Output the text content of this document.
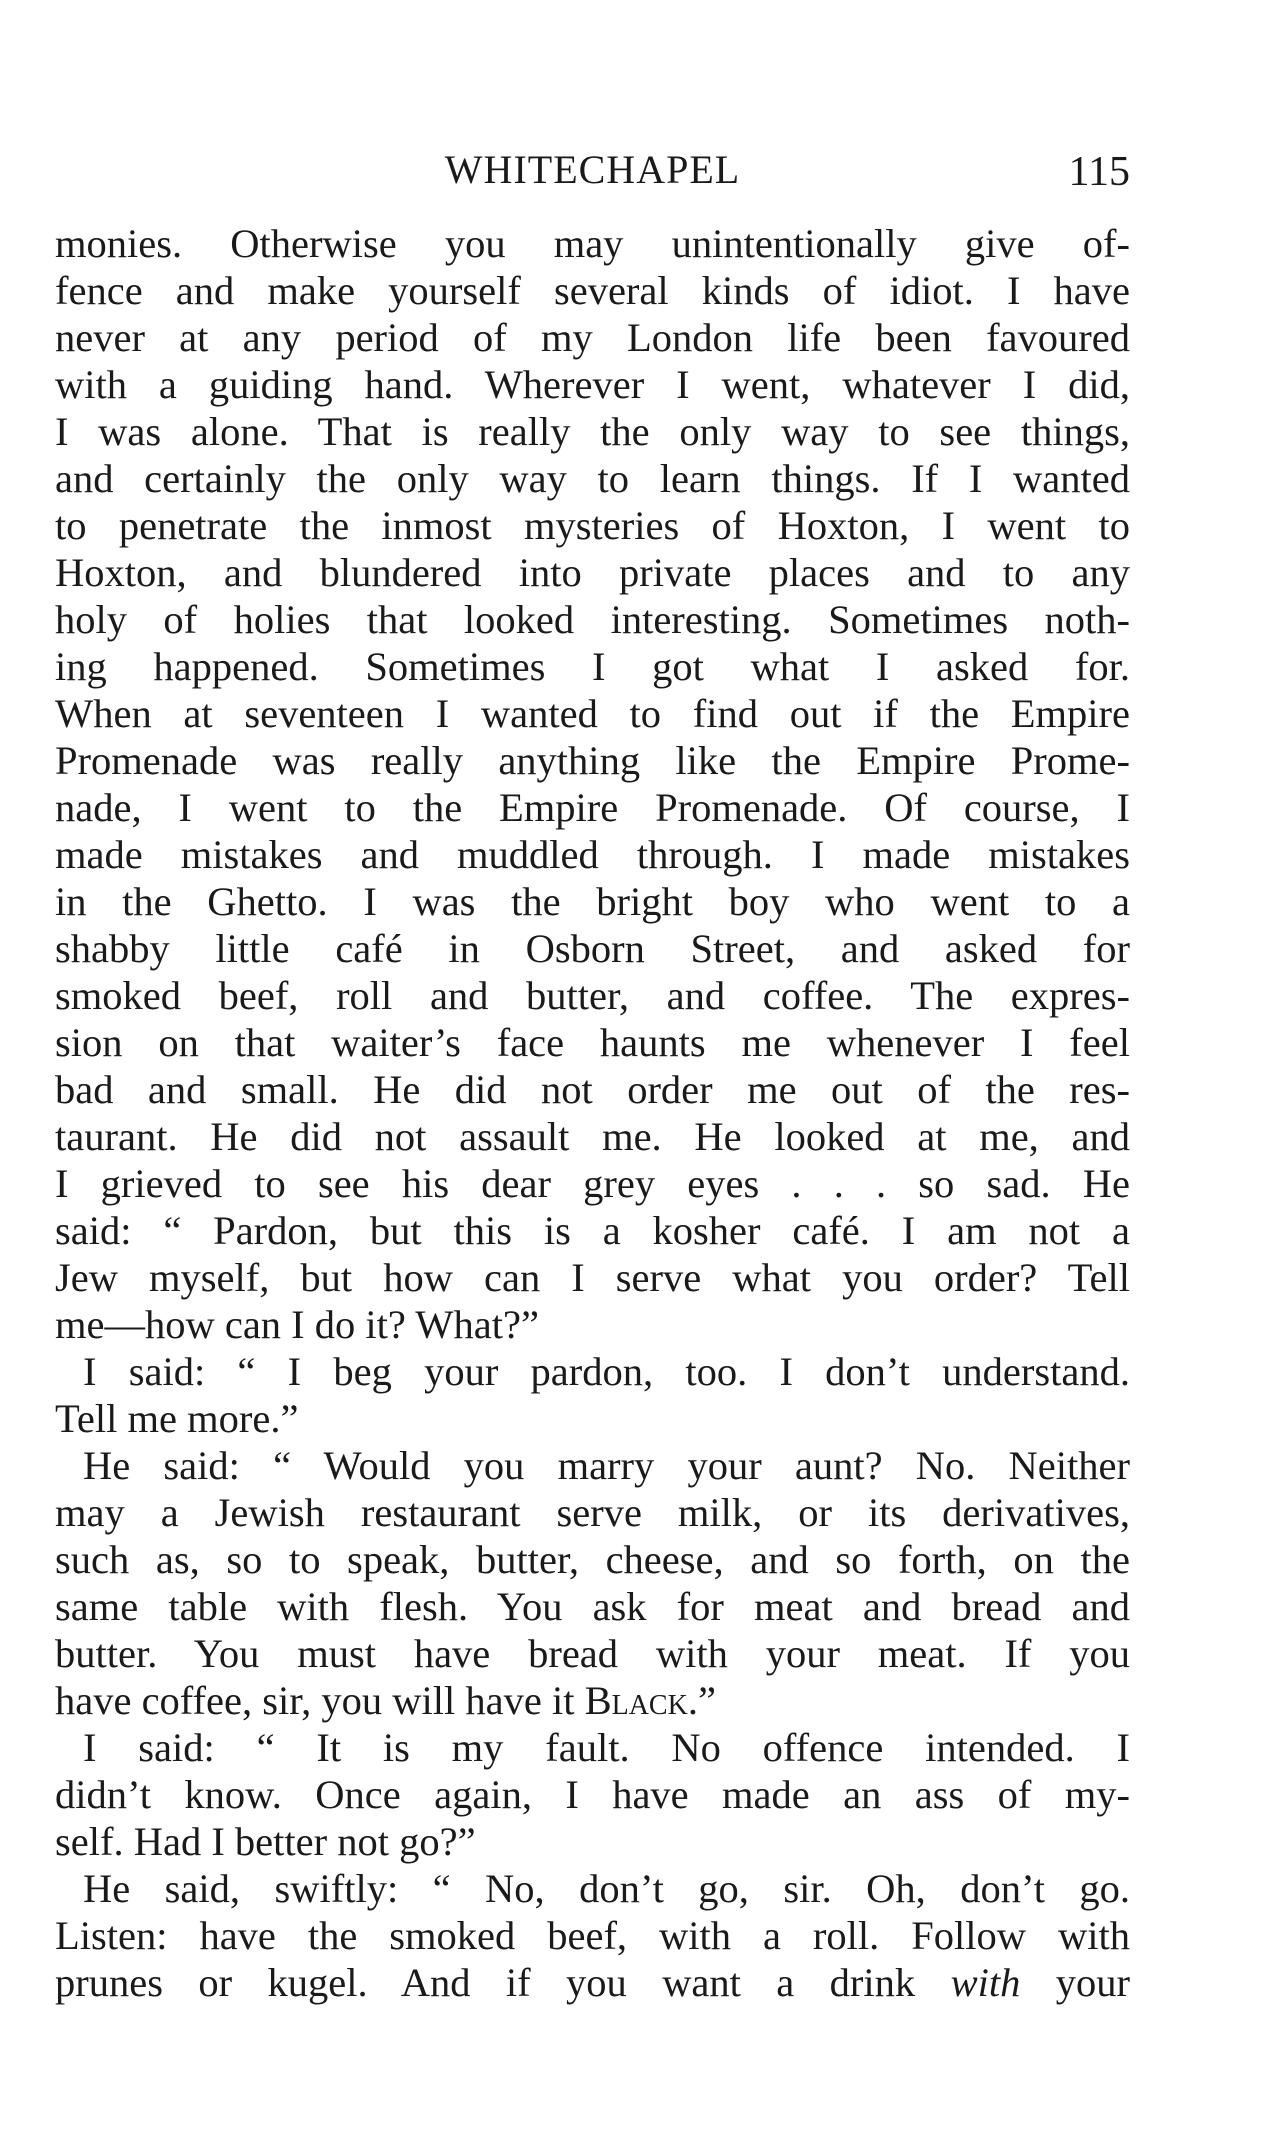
WHITECHAPEL	115
monies. Otherwise you may unintentionally give of-
fence and make yourself several kinds of idiot. I have
never at any period of my London life been favoured
with a guiding hand. Wherever I went, whatever I did,
I was alone. That is really the only way to see things,
and certainly the only way to learn things. If I wanted
to penetrate the inmost mysteries of Hoxton, I went to
Hoxton, and blundered into private places and to any
holy of holies that looked interesting. Sometimes noth-
ing happened. Sometimes I got what I asked for.
When at seventeen I wanted to find out if the Empire
Promenade was really anything like the Empire Prome-
nade, I went to the Empire Promenade. Of course, I
made mistakes and muddled through. I made mistakes
in the Ghetto. I was the bright boy who went to a
shabby little café in Osborn Street, and asked for
smoked beef, roll and butter, and coffee. The expres-
sion on that waiter’s face haunts me whenever I feel
bad and small. He did not order me out of the res-
taurant. He did not assault me. He looked at me, and
I grieved to see his dear grey eyes . . . so sad. He
said: “ Pardon, but this is a kosher café. I am not a
Jew myself, but how can I serve what you order? Tell
me—how can I do it? What?”
I said: “ I beg your pardon, too. I don’t understand.
Tell me more.”
He said: “ Would you marry your aunt? No. Neither
may a Jewish restaurant serve milk, or its derivatives,
such as, so to speak, butter, cheese, and so forth, on the
same table with flesh. You ask for meat and bread and
butter. You must have bread with your meat. If you
have coffee, sir, you will have it Black.”
I said: “ It is my fault. No offence intended. I
didn’t know. Once again, I have made an ass of my-
self. Had I better not go?”
He said, swiftly: “ No, don’t go, sir. Oh, don’t go.
Listen: have the smoked beef, with a roll. Follow with
prunes or kugel. And if you want a drink with your
